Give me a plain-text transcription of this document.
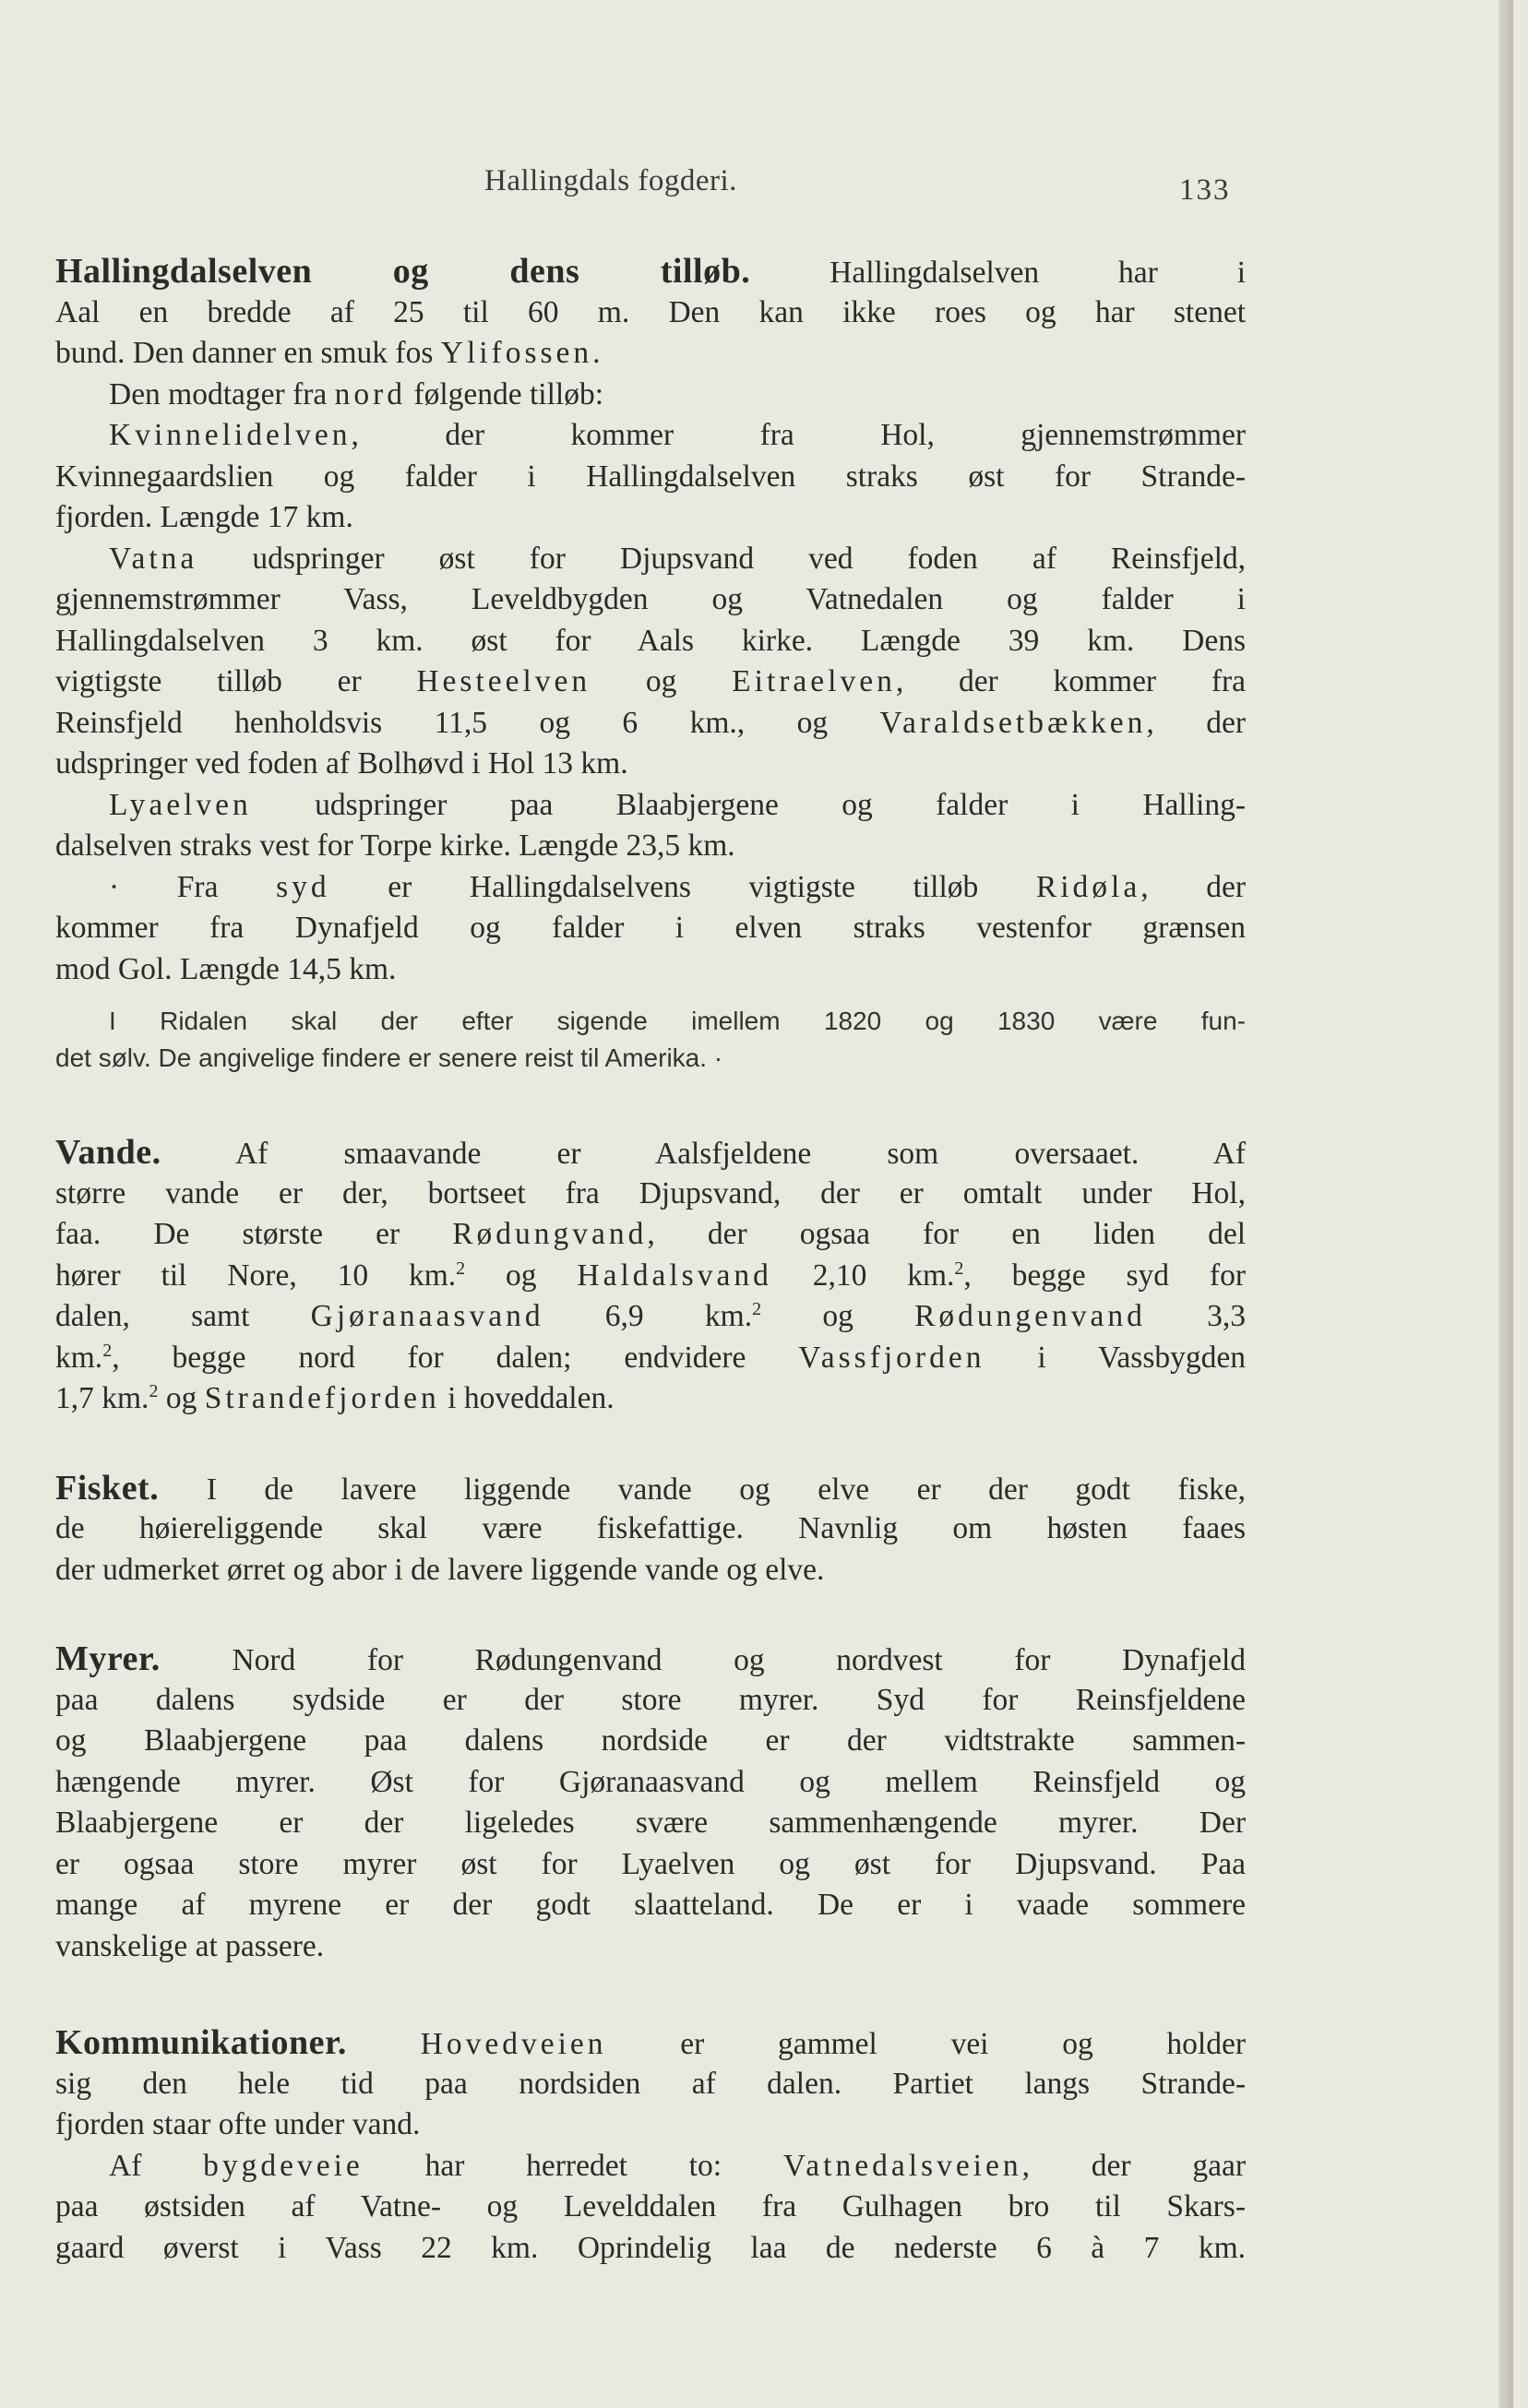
Hallingdals fogderi.	133
Hallingdalselven og dens tilløb.	Hallingdalselven har i
Aal en bredde af 25 til 60 m. Den kan ikke roes og har stenet
bund. Den danner en smuk fos Ylifossen.
Den modtager fra nord følgende tilløb:
Kvinnelidelven, der kommer fra Hol, gjennemstrømmer
Kvinnegaardslien og falder i Hallingdalselven straks øst for Strande-
fjorden. Længde 17 km.
Vatna udspringer øst for Djupsvand ved foden af Reinsfjeld,
gjennemstrømmer Vass, Leveldbygden og Vatnedalen og falder i
Hallingdalselven 3 km. øst for Aals kirke. Længde 39 km. Dens
vigtigste tilløb er Hesteelven og Eitraelven, der kommer fra
Reinsfjeld henholdsvis 11,5 og 6 km., og Varaldsetbækken, der
udspringer ved foden af Bolhøvd i Hol 13 km.
Lyaelven udspringer paa Blaabjergene og falder i Halling-
dalselven straks vest for Torpe kirke. Længde 23,5 km.
· Fra syd er Hallingdalselvens vigtigste tilløb Ridøla, der
kommer fra Dynafjeld og falder i elven straks vestenfor grænsen
mod Gol. Længde 14,5 km.
I Ridalen skal der efter sigende imellem 1820 og 1830 være fun-
det sølv. De angivelige findere er senere reist til Amerika. ·
Vande. Af smaavande er Aalsfjeldene som oversaaet. Af
større vande er der, bortseet fra Djupsvand, der er omtalt under Hol,
faa. De største er Rødungvand, der ogsaa for en liden del
hører til Nore, 10 km.$^2$ og Haldalsvand 2,10 km.$^2$, begge syd for
dalen, samt Gjøranaasvand 6,9 km.$^2$ og Rødungenvand 3,3
km.$^2$, begge nord for dalen; endvidere Vassfjorden i Vassbygden
1,7 km.$^2$ og Strandefjorden i hoveddalen.
Fisket. I de lavere liggende vande og elve er der godt fiske,
de høiereliggende skal være fiskefattige. Navnlig om høsten faaes
der udmerket ørret og abor i de lavere liggende vande og elve.
Myrer. Nord for Rødungenvand og nordvest for Dynafjeld
paa dalens sydside er der store myrer. Syd for Reinsfjeldene
og Blaabjergene paa dalens nordside er der vidtstrakte sammen-
hængende myrer. Øst for Gjøranaasvand og mellem Reinsfjeld og
Blaabjergene er der ligeledes svære sammenhængende myrer. Der
er ogsaa store myrer øst for Lyaelven og øst for Djupsvand. Paa
mange af myrene er der godt slaatteland. De er i vaade sommere
vanskelige at passere.
Kommunikationer. Hovedveien er gammel vei og holder
sig den hele tid paa nordsiden af dalen. Partiet langs Strande-
fjorden staar ofte under vand.
Af bygdeveie har herredet to: Vatnedalsveien, der gaar
paa østsiden af Vatne- og Levelddalen fra Gulhagen bro til Skars-
gaard øverst i Vass 22 km. Oprindelig laa de nederste 6 à 7 km.
